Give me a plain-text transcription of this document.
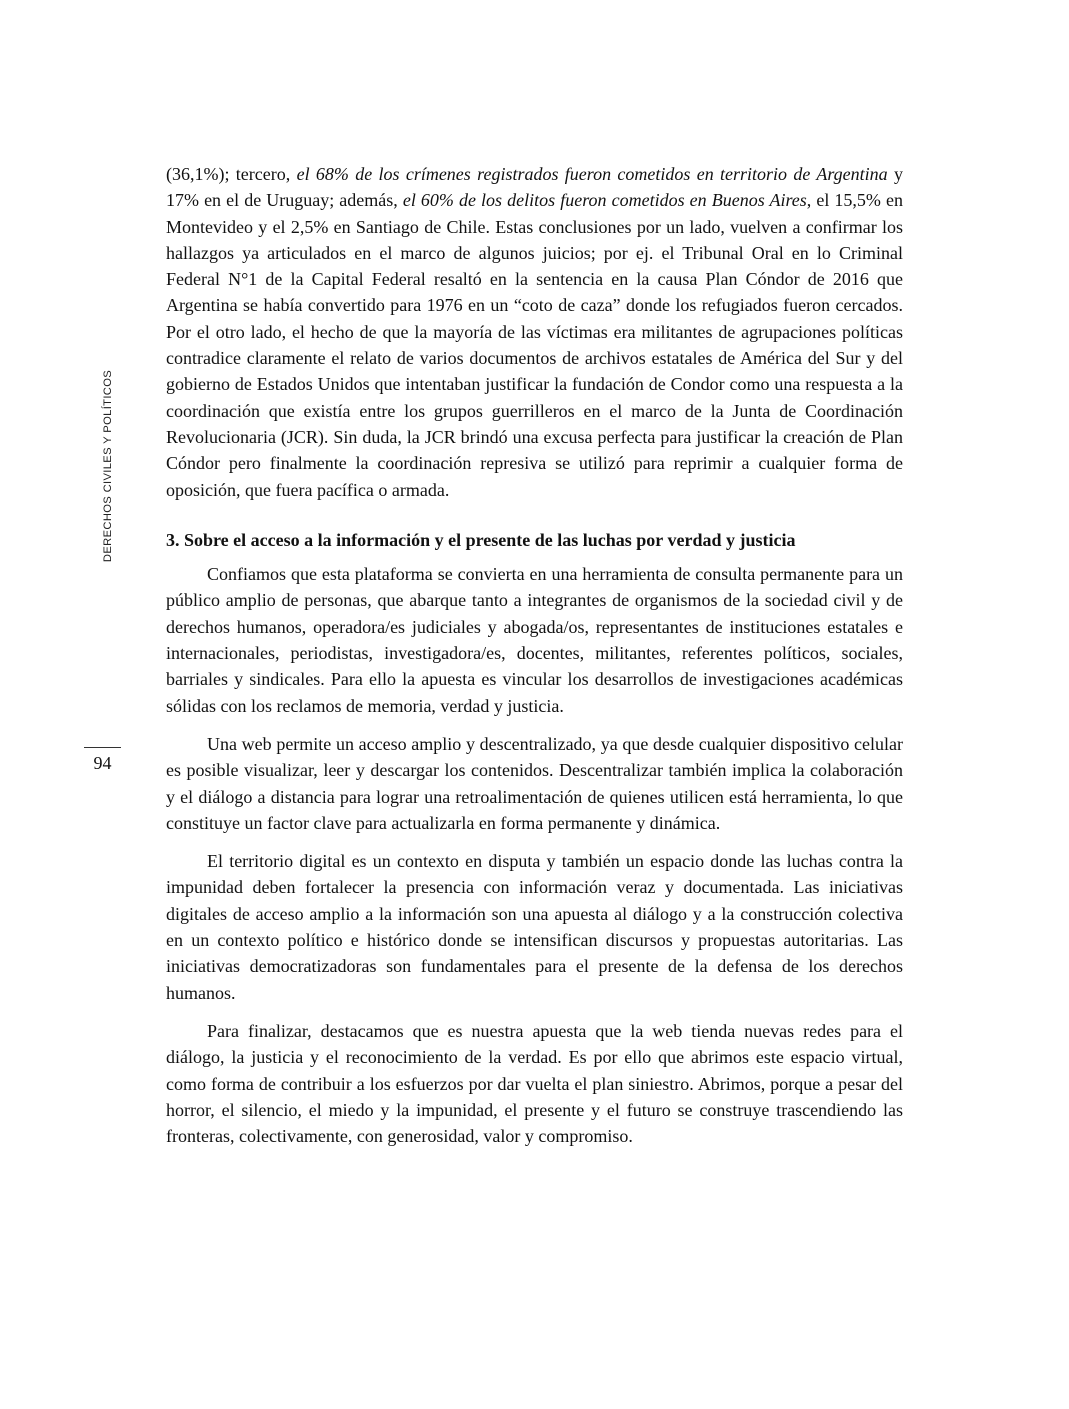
DERECHOS CIVILES Y POLÍTICOS
94

(36,1%); tercero, el 68% de los crímenes registrados fueron cometidos en territorio de Argentina y 17% en el de Uruguay; además, el 60% de los delitos fueron cometidos en Buenos Aires, el 15,5% en Montevideo y el 2,5% en Santiago de Chile. Estas conclusiones por un lado, vuelven a confirmar los hallazgos ya articulados en el marco de algunos juicios; por ej. el Tribunal Oral en lo Criminal Federal N°1 de la Capital Federal resaltó en la sentencia en la causa Plan Cóndor de 2016 que Argentina se había convertido para 1976 en un “coto de caza” donde los refugiados fueron cercados. Por el otro lado, el hecho de que la mayoría de las víctimas era militantes de agrupaciones políticas contradice claramente el relato de varios documentos de archivos estatales de América del Sur y del gobierno de Estados Unidos que intentaban justificar la fundación de Condor como una respuesta a la coordinación que existía entre los grupos guerrilleros en el marco de la Junta de Coordinación Revolucionaria (JCR). Sin duda, la JCR brindó una excusa perfecta para justificar la creación de Plan Cóndor pero finalmente la coordinación represiva se utilizó para reprimir a cualquier forma de oposición, que fuera pacífica o armada.

3. Sobre el acceso a la información y el presente de las luchas por verdad y justicia

Confiamos que esta plataforma se convierta en una herramienta de consulta permanente para un público amplio de personas, que abarque tanto a integrantes de organismos de la sociedad civil y de derechos humanos, operadora/es judiciales y abogada/os, representantes de instituciones estatales e internacionales, periodistas, investigadora/es, docentes, militantes, referentes políticos, sociales, barriales y sindicales. Para ello la apuesta es vincular los desarrollos de investigaciones académicas sólidas con los reclamos de memoria, verdad y justicia.

Una web permite un acceso amplio y descentralizado, ya que desde cualquier dispositivo celular es posible visualizar, leer y descargar los contenidos. Descentralizar también implica la colaboración y el diálogo a distancia para lograr una retroalimentación de quienes utilicen está herramienta, lo que constituye un factor clave para actualizarla en forma permanente y dinámica.

El territorio digital es un contexto en disputa y también un espacio donde las luchas contra la impunidad deben fortalecer la presencia con información veraz y documentada. Las iniciativas digitales de acceso amplio a la información son una apuesta al diálogo y a la construcción colectiva en un contexto político e histórico donde se intensifican discursos y propuestas autoritarias. Las iniciativas democratizadoras son fundamentales para el presente de la defensa de los derechos humanos.

Para finalizar, destacamos que es nuestra apuesta que la web tienda nuevas redes para el diálogo, la justicia y el reconocimiento de la verdad. Es por ello que abrimos este espacio virtual, como forma de contribuir a los esfuerzos por dar vuelta el plan siniestro. Abrimos, porque a pesar del horror, el silencio, el miedo y la impunidad, el presente y el futuro se construye trascendiendo las fronteras, colectivamente, con generosidad, valor y compromiso.
